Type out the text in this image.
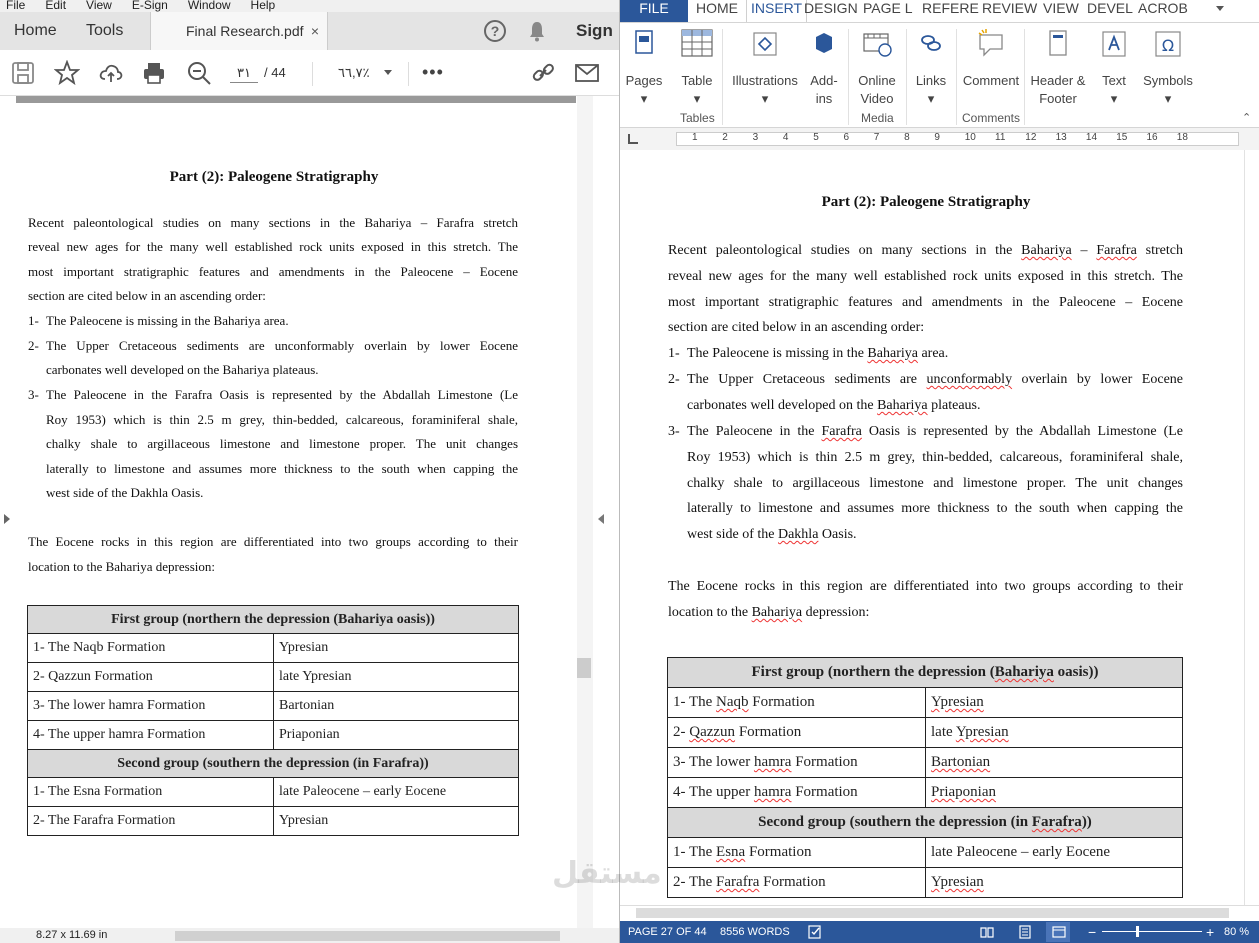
File Edit View E-Sign Window Help
Home Tools	Final Research.pdf ×	?	Sign
٣١	/ 44	٦٦,٧٪	•••
Part (2): Paleogene Stratigraphy
Recent paleontological studies on many sections in the Bahariya – Farafra stretch
reveal new ages for the many well established rock units exposed in this stretch. The
most important stratigraphic features and amendments in the Paleocene – Eocene
section are cited below in an ascending order:
1- The Paleocene is missing in the Bahariya area.
2- The Upper Cretaceous sediments are unconformably overlain by lower Eocene
carbonates well developed on the Bahariya plateaus.
3- The Paleocene in the Farafra Oasis is represented by the Abdallah Limestone (Le
Roy 1953) which is thin 2.5 m grey, thin-bedded, calcareous, foraminiferal shale,
chalky shale to argillaceous limestone and limestone proper. The unit changes
laterally to limestone and assumes more thickness to the south when capping the
west side of the Dakhla Oasis.
The Eocene rocks in this region are differentiated into two groups according to their
location to the Bahariya depression:
First group (northern the depression (Bahariya oasis))	
1- The Naqb Formation	Ypresian
2- Qazzun Formation	late Ypresian
3- The lower hamra Formation	Bartonian
4- The upper hamra Formation	Priaponian
Second group (southern the depression (in Farafra))	
1- The Esna Formation	late Paleocene – early Eocene
2- The Farafra Formation	Ypresian
8.27 x 11.69 in
FILE	HOME INSERT DESIGN PAGE L REFERE REVIEW VIEW DEVEL ACROB
Pages
▾
Table
▾
Tables
Illustrations
▾
Add-
ins
Online
Video
Media
Links
▾
Comment
Comments
Header &
Footer
Text
▾
Ω
Symbols
▾
⌃
1 2 3 4 5 6 7 8 9 10 11 12 13 14 15 16 18
Part (2): Paleogene Stratigraphy
Recent paleontological studies on many sections in the Bahariya – Farafra stretch
reveal new ages for the many well established rock units exposed in this stretch. The
most important stratigraphic features and amendments in the Paleocene – Eocene
section are cited below in an ascending order:
1- The Paleocene is missing in the Bahariya area.
2- The Upper Cretaceous sediments are unconformably overlain by lower Eocene
carbonates well developed on the Bahariya plateaus.
3- The Paleocene in the Farafra Oasis is represented by the Abdallah Limestone (Le
Roy 1953) which is thin 2.5 m grey, thin-bedded, calcareous, foraminiferal shale,
chalky shale to argillaceous limestone and limestone proper. The unit changes
laterally to limestone and assumes more thickness to the south when capping the
west side of the Dakhla Oasis.
The Eocene rocks in this region are differentiated into two groups according to their
location to the Bahariya depression:
First group (northern the depression (Bahariya oasis))	
1- The Naqb Formation	Ypresian
2- Qazzun Formation	late Ypresian
3- The lower hamra Formation	Bartonian
4- The upper hamra Formation	Priaponian
Second group (southern the depression (in Farafra))	
1- The Esna Formation	late Paleocene – early Eocene
2- The Farafra Formation	Ypresian
PAGE 27 OF 44 8556 WORDS	−	+ 80 %
مستقل
